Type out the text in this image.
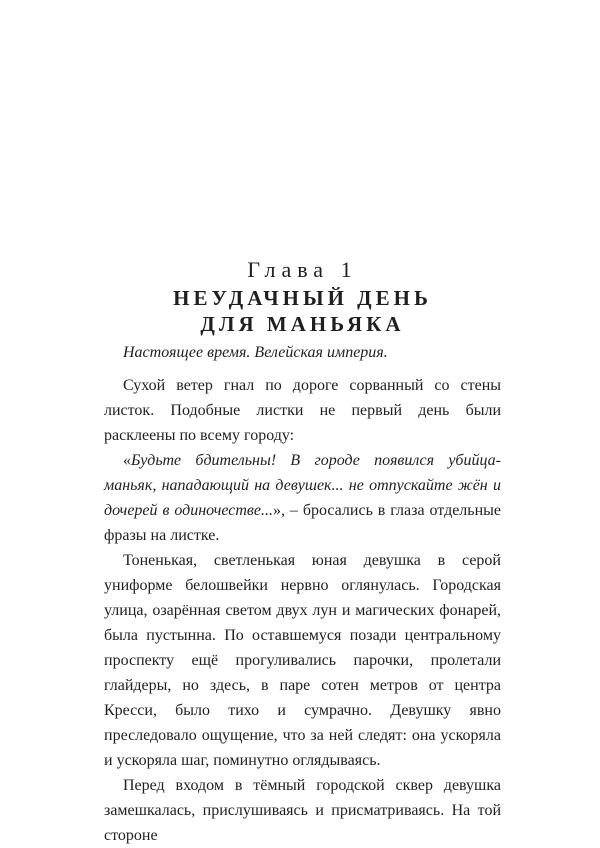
Глава 1
НЕУДАЧНЫЙ ДЕНЬ
ДЛЯ МАНЬЯКА

Настоящее время. Велейская империя.

Сухой ветер гнал по дороге сорванный со стены листок. Подобные листки не первый день были расклеены по всему городу:

«Будьте бдительны! В городе появился убийца-маньяк, нападающий на девушек... не отпускайте жён и дочерей в одиночестве...», – бросались в глаза отдельные фразы на листке.

Тоненькая, светленькая юная девушка в серой униформе белошвейки нервно оглянулась. Городская улица, озарённая светом двух лун и магических фонарей, была пустынна. По оставшемуся позади центральному проспекту ещё прогуливались парочки, пролетали глайдеры, но здесь, в паре сотен метров от центра Кресси, было тихо и сумрачно. Девушку явно преследовало ощущение, что за ней следят: она ускоряла и ускоряла шаг, поминутно оглядываясь.

Перед входом в тёмный городской сквер девушка замешкалась, прислушиваясь и присматриваясь. На той стороне
